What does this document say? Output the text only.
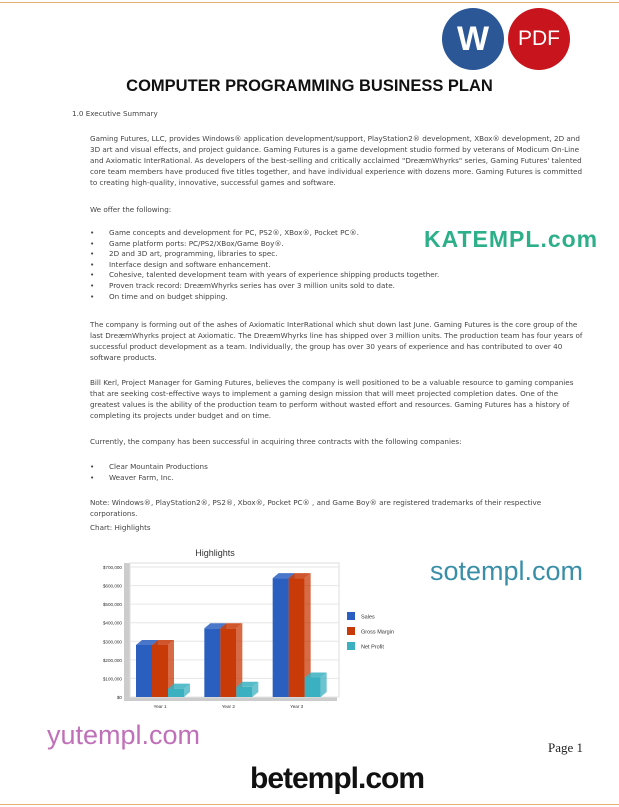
COMPUTER PROGRAMMING BUSINESS PLAN
W	PDF
1.0 Executive Summary
Gaming Futures, LLC, provides Windows® application development/support, PlayStation2® development, XBox® development, 2D and 3D art and visual effects, and project guidance. Gaming Futures is a game development studio formed by veterans of Modicum On-Line and Axiomatic InterRational. As developers of the best-selling and critically acclaimed "DreæmWhyrks" series, Gaming Futures' talented core team members have produced five titles together, and have individual experience with dozens more. Gaming Futures is committed to creating high-quality, innovative, successful games and software.
We offer the following:
• Game concepts and development for PC, PS2®, XBox®, Pocket PC®.
• Game platform ports: PC/PS2/XBox/Game Boy®.
• 2D and 3D art, programming, libraries to spec.
• Interface design and software enhancement.
• Cohesive, talented development team with years of experience shipping products together.
• Proven track record: DreæmWhyrks series has over 3 million units sold to date.
• On time and on budget shipping.
The company is forming out of the ashes of Axiomatic InterRational which shut down last June. Gaming Futures is the core group of the last DreæmWhyrks project at Axiomatic. The DreæmWhyrks line has shipped over 3 million units. The production team has four years of successful product development as a team. Individually, the group has over 30 years of experience and has contributed to over 40 software products.
Bill Kerl, Project Manager for Gaming Futures, believes the company is well positioned to be a valuable resource to gaming companies that are seeking cost-effective ways to implement a gaming design mission that will meet projected completion dates. One of the greatest values is the ability of the production team to perform without wasted effort and resources. Gaming Futures has a history of completing its projects under budget and on time.
Currently, the company has been successful in acquiring three contracts with the following companies:
• Clear Mountain Productions
• Weaver Farm, Inc.
Note: Windows®, PlayStation2®, PS2®, Xbox®, Pocket PC® , and Game Boy® are registered trademarks of their respective corporations.
Chart: Highlights
Highlights
$0
$100,000
$200,000
$300,000
$400,000
$500,000
$600,000
$700,000
Year 1	Year 2	Year 3
Sales
Gross Margin
Net Profit
KATEMPL.com
betempl.com
sotempl.com
yutempl.com	Page 1
